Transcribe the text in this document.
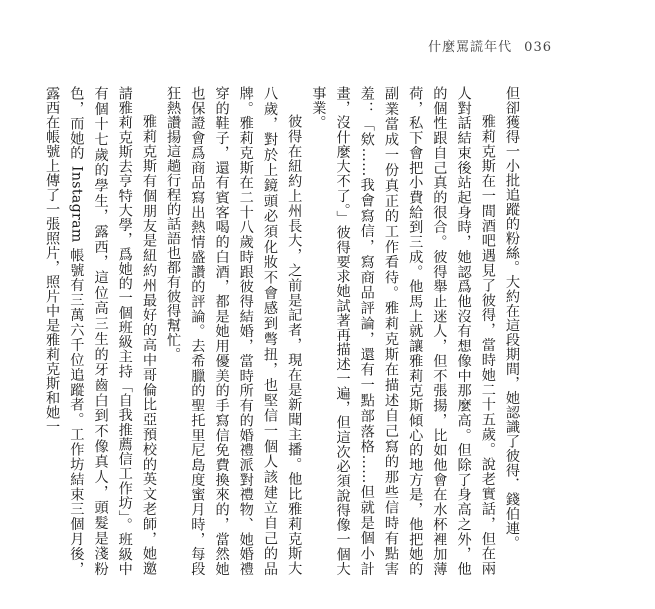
什麼罵謊年代 036

但卻獲得一小批追蹤的粉絲。大約在這段期間，她認識了彼得．錢伯連。

雅莉克斯在一間酒吧遇見了彼得，當時她二十五歲。說老實話，但在兩人對話結束後站起身時，她認爲他沒有想像中那麼高。但除了身高之外，他的個性跟自己真的很合。彼得舉止迷人，但不張揚，比如他會在水杯裡加薄荷，私下會把小費給到三成。他馬上就讓雅莉克斯傾心的地方是，他把她的副業當成一份真正的工作看待。雅莉克斯在描述自己寫的那些信時有點害羞：「欸……我會寫信，寫商品評論，還有一點部落格……但就是個小計畫，沒什麼大不了。」彼得要求她試著再描述一遍，但這次必須說得像一個大事業。

彼得在紐約上州長大，之前是記者，現在是新聞主播。他比雅莉克斯大八歲，對於上鏡頭必須化妝不會感到彆扭，也堅信一個人該建立自己的品牌。雅莉克斯在二十八歲時跟彼得結婚，當時所有的婚禮派對禮物、她婚禮穿的鞋子，還有賓客喝的白酒，都是她用優美的手寫信免費換來的，當然她也保證會爲商品寫出熱情盛讚的評論。去希臘的聖托里尼島度蜜月時，每段狂熱讚揚這趟行程的話語也都有彼得幫忙。

雅莉克斯有個朋友是紐約州最好的高中哥倫比亞預校的英文老師，她邀請雅莉克斯去亨特大學，爲她的一個班級主持「自我推薦信工作坊」。班級中有個十七歲的學生，露西，這位高三生的牙齒白到不像真人，頭髮是淺粉色，而她的 Instagram 帳號有三萬六千位追蹤者。工作坊結束三個月後，露西在帳號上傳了一張照片，照片中是雅莉克斯和她一
